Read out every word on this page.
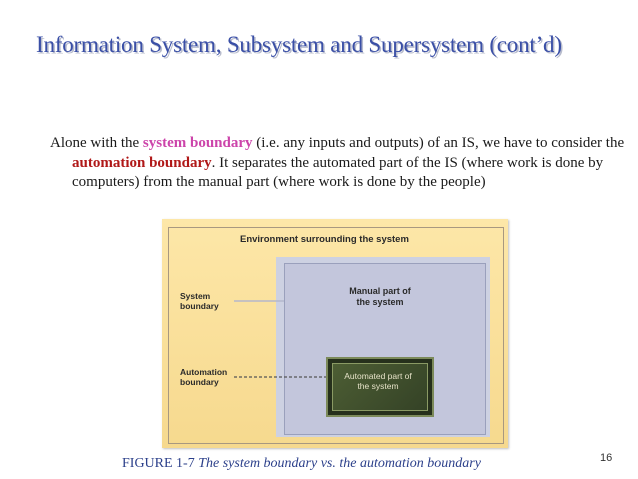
Information System, Subsystem and Supersystem (cont’d)
Alone with the system boundary (i.e. any inputs and outputs) of an IS, we have to consider the automation boundary. It separates the automated part of the IS (where work is done by computers) from the manual part (where work is done by the people)
Environment surrounding the system
Manual part of
the system
Automated part of
the system
System
boundary
Automation
boundary
FIGURE 1-7 The system boundary vs. the automation boundary	16
